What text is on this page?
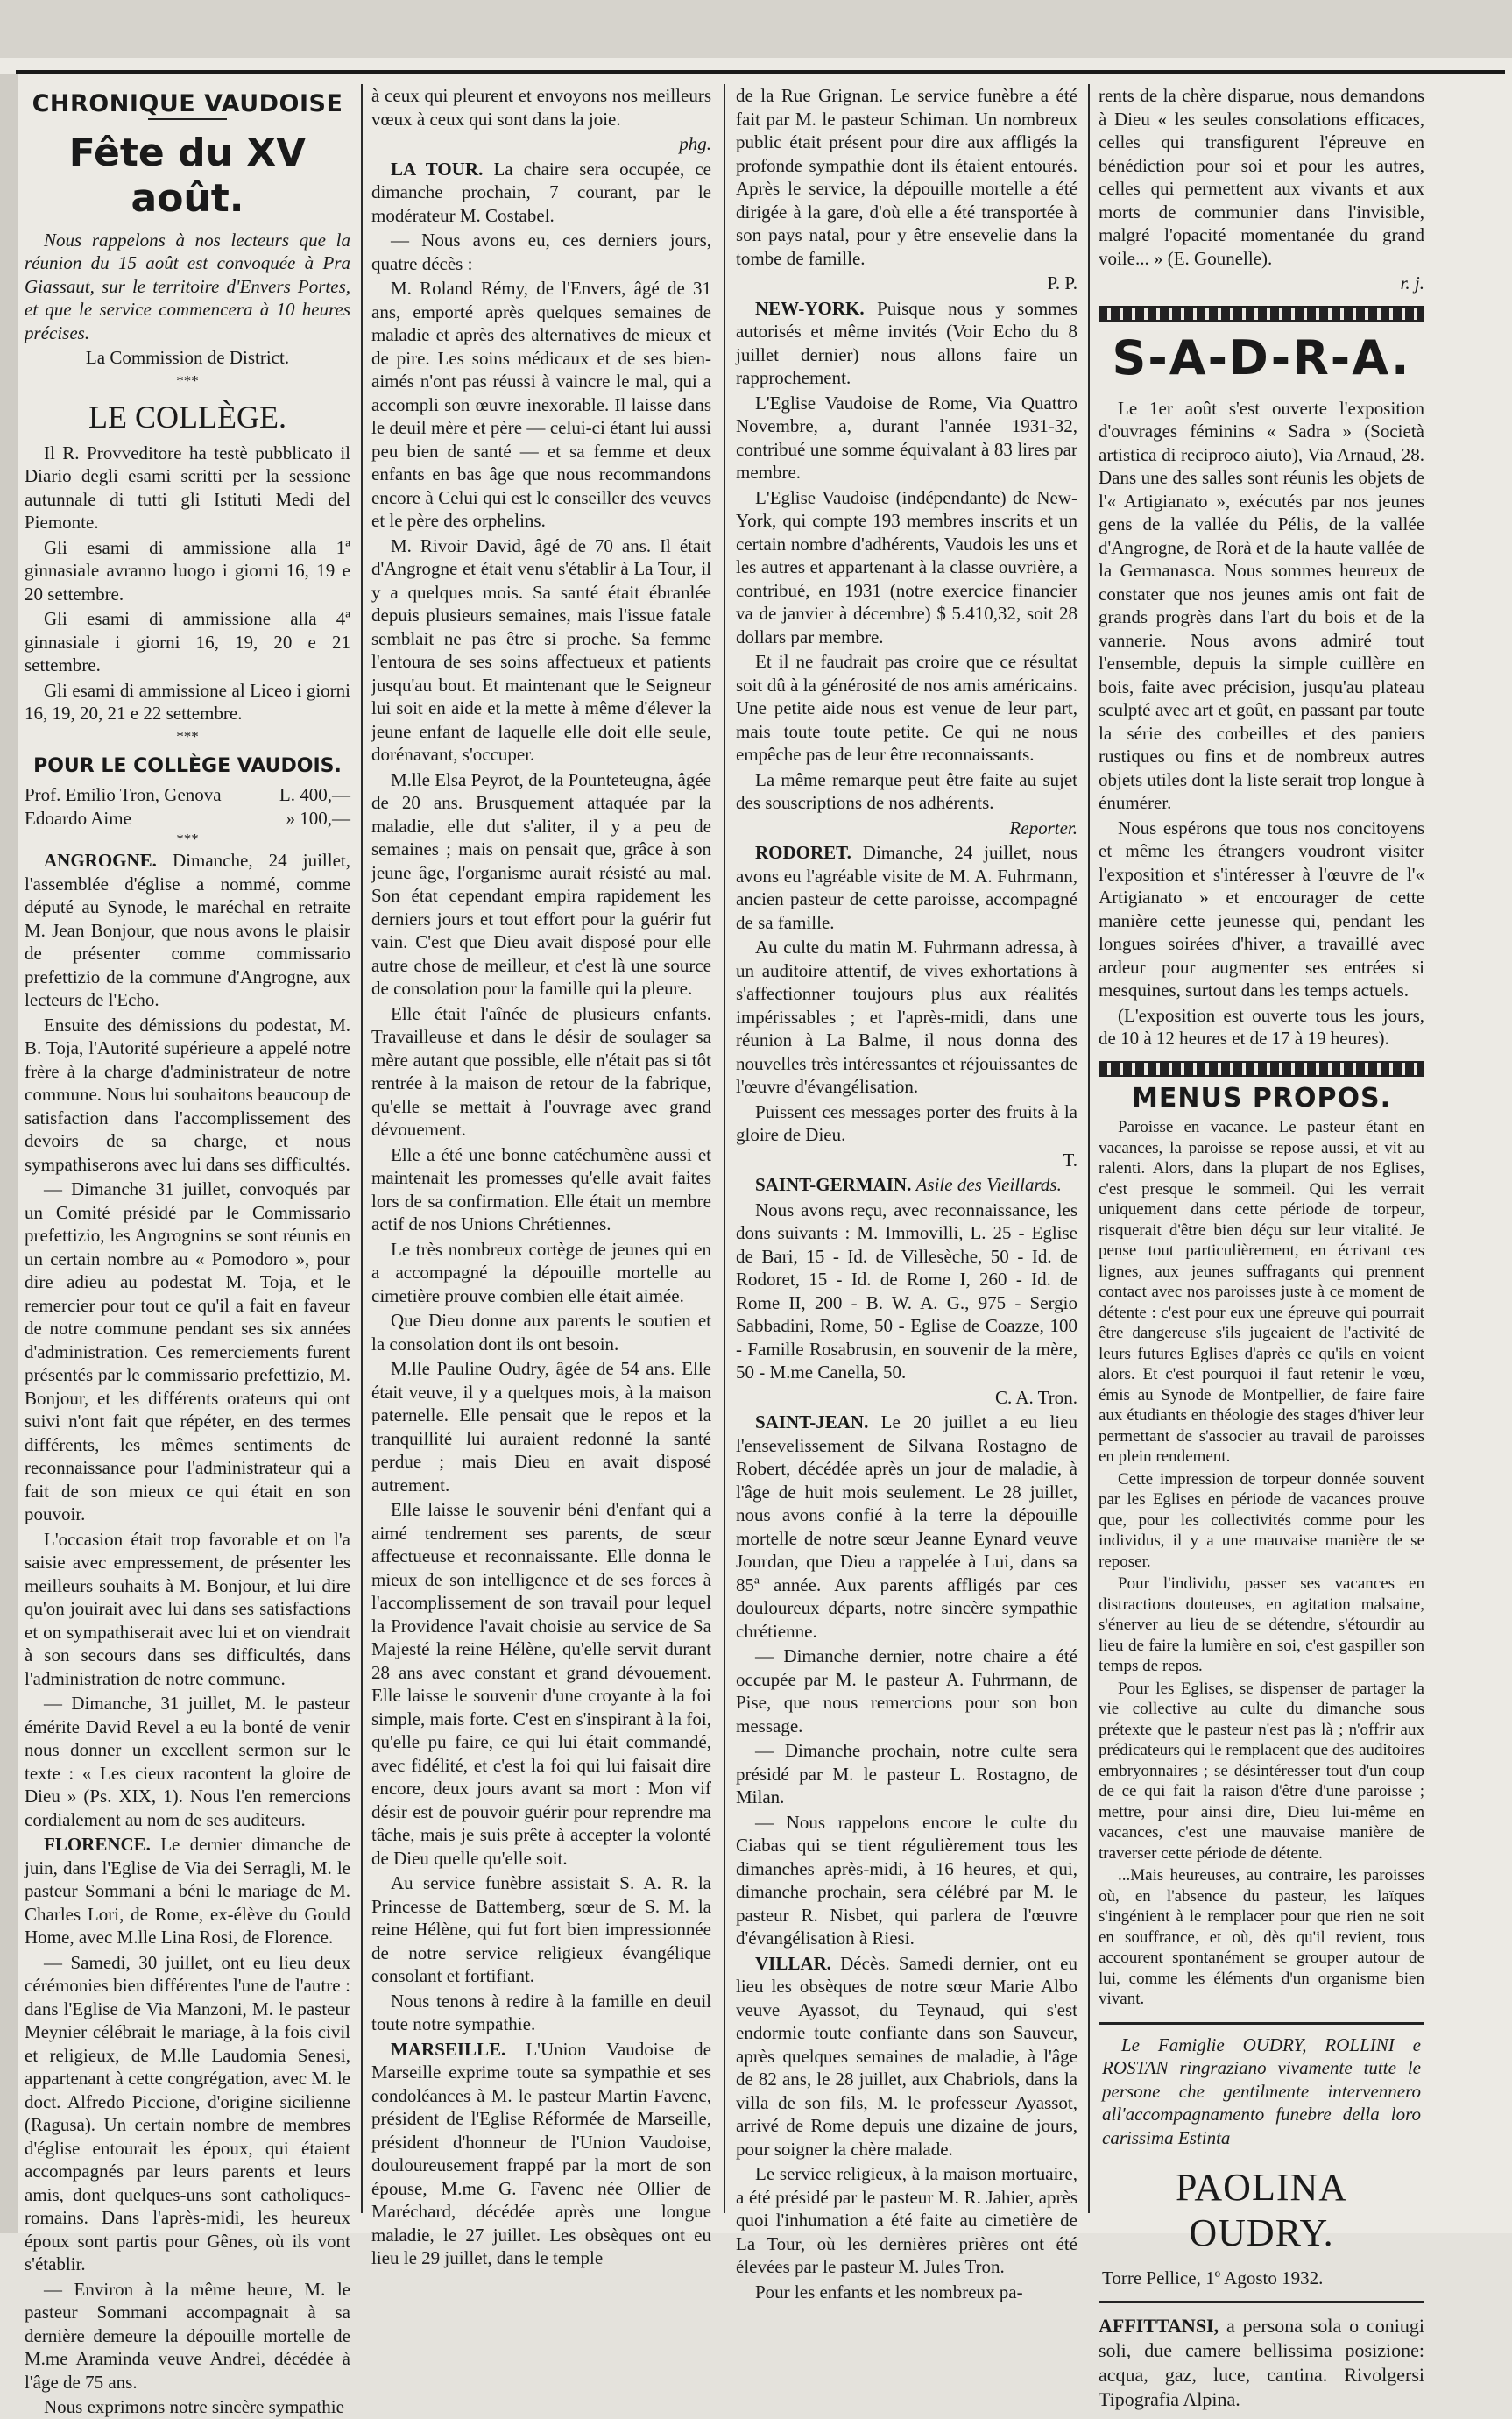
CHRONIQUE VAUDOISE
Fête du XV août.

Nous rappelons à nos lecteurs que la réunion du 15 août est convoquée à Pra Giassaut, sur le territoire d'Envers Portes, et que le service commencera à 10 heures précises.

La Commission de District.

***
LE COLLÈGE.

Il R. Provveditore ha testè pubblicato il Diario degli esami scritti per la sessione autunnale di tutti gli Istituti Medi del Piemonte.

Gli esami di ammissione alla 1ª ginnasiale avranno luogo i giorni 16, 19 e 20 settembre.

Gli esami di ammissione alla 4ª ginnasiale i giorni 16, 19, 20 e 21 settembre.

Gli esami di ammissione al Liceo i giorni 16, 19, 20, 21 e 22 settembre.

***
POUR LE COLLÈGE VAUDOIS.
Prof. Emilio Tron, Genova	L. 400,—
Edoardo Aime	» 100,—
***

ANGROGNE. Dimanche, 24 juillet, l'assemblée d'église a nommé, comme député au Synode, le maréchal en retraite M. Jean Bonjour, que nous avons le plaisir de présenter comme commissario prefettizio de la commune d'Angrogne, aux lecteurs de l'Echo.

Ensuite des démissions du podestat, M. B. Toja, l'Autorité supérieure a appelé notre frère à la charge d'administrateur de notre commune. Nous lui souhaitons beaucoup de satisfaction dans l'accomplissement des devoirs de sa charge, et nous sympathiserons avec lui dans ses difficultés.

— Dimanche 31 juillet, convoqués par un Comité présidé par le Commissario prefettizio, les Angrognins se sont réunis en un certain nombre au « Pomodoro », pour dire adieu au podestat M. Toja, et le remercier pour tout ce qu'il a fait en faveur de notre commune pendant ses six années d'administration. Ces remerciements furent présentés par le commissario prefettizio, M. Bonjour, et les différents orateurs qui ont suivi n'ont fait que répéter, en des termes différents, les mêmes sentiments de reconnaissance pour l'administrateur qui a fait de son mieux ce qui était en son pouvoir.

L'occasion était trop favorable et on l'a saisie avec empressement, de présenter les meilleurs souhaits à M. Bonjour, et lui dire qu'on jouirait avec lui dans ses satisfactions et on sympathiserait avec lui et on viendrait à son secours dans ses difficultés, dans l'administration de notre commune.

— Dimanche, 31 juillet, M. le pasteur émérite David Revel a eu la bonté de venir nous donner un excellent sermon sur le texte : « Les cieux racontent la gloire de Dieu » (Ps. XIX, 1). Nous l'en remercions cordialement au nom de ses auditeurs.

FLORENCE. Le dernier dimanche de juin, dans l'Eglise de Via dei Serragli, M. le pasteur Sommani a béni le mariage de M. Charles Lori, de Rome, ex-élève du Gould Home, avec M.lle Lina Rosi, de Florence.

— Samedi, 30 juillet, ont eu lieu deux cérémonies bien différentes l'une de l'autre : dans l'Eglise de Via Manzoni, M. le pasteur Meynier célébrait le mariage, à la fois civil et religieux, de M.lle Laudomia Senesi, appartenant à cette congrégation, avec M. le doct. Alfredo Piccione, d'origine sicilienne (Ragusa). Un certain nombre de membres d'église entourait les époux, qui étaient accompagnés par leurs parents et leurs amis, dont quelques-uns sont catholiques-romains. Dans l'après-midi, les heureux époux sont partis pour Gênes, où ils vont s'établir.

— Environ à la même heure, M. le pasteur Sommani accompagnait à sa dernière demeure la dépouille mortelle de M.me Araminda veuve Andrei, décédée à l'âge de 75 ans.

Nous exprimons notre sincère sympathie

à ceux qui pleurent et envoyons nos meilleurs vœux à ceux qui sont dans la joie.

phg.

LA TOUR. La chaire sera occupée, ce dimanche prochain, 7 courant, par le modérateur M. Costabel.

— Nous avons eu, ces derniers jours, quatre décès :

M. Roland Rémy, de l'Envers, âgé de 31 ans, emporté après quelques semaines de maladie et après des alternatives de mieux et de pire. Les soins médicaux et de ses bien-aimés n'ont pas réussi à vaincre le mal, qui a accompli son œuvre inexorable. Il laisse dans le deuil mère et père — celui-ci étant lui aussi peu bien de santé — et sa femme et deux enfants en bas âge que nous recommandons encore à Celui qui est le conseiller des veuves et le père des orphelins.

M. Rivoir David, âgé de 70 ans. Il était d'Angrogne et était venu s'établir à La Tour, il y a quelques mois. Sa santé était ébranlée depuis plusieurs semaines, mais l'issue fatale semblait ne pas être si proche. Sa femme l'entoura de ses soins affectueux et patients jusqu'au bout. Et maintenant que le Seigneur lui soit en aide et la mette à même d'élever la jeune enfant de laquelle elle doit elle seule, dorénavant, s'occuper.

M.lle Elsa Peyrot, de la Pounteteugna, âgée de 20 ans. Brusquement attaquée par la maladie, elle dut s'aliter, il y a peu de semaines ; mais on pensait que, grâce à son jeune âge, l'organisme aurait résisté au mal. Son état cependant empira rapidement les derniers jours et tout effort pour la guérir fut vain. C'est que Dieu avait disposé pour elle autre chose de meilleur, et c'est là une source de consolation pour la famille qui la pleure.

Elle était l'aînée de plusieurs enfants. Travailleuse et dans le désir de soulager sa mère autant que possible, elle n'était pas si tôt rentrée à la maison de retour de la fabrique, qu'elle se mettait à l'ouvrage avec grand dévouement.

Elle a été une bonne catéchumène aussi et maintenait les promesses qu'elle avait faites lors de sa confirmation. Elle était un membre actif de nos Unions Chrétiennes.

Le très nombreux cortège de jeunes qui en a accompagné la dépouille mortelle au cimetière prouve combien elle était aimée.

Que Dieu donne aux parents le soutien et la consolation dont ils ont besoin.

M.lle Pauline Oudry, âgée de 54 ans. Elle était veuve, il y a quelques mois, à la maison paternelle. Elle pensait que le repos et la tranquillité lui auraient redonné la santé perdue ; mais Dieu en avait disposé autrement.

Elle laisse le souvenir béni d'enfant qui a aimé tendrement ses parents, de sœur affectueuse et reconnaissante. Elle donna le mieux de son intelligence et de ses forces à l'accomplissement de son travail pour lequel la Providence l'avait choisie au service de Sa Majesté la reine Hélène, qu'elle servit durant 28 ans avec constant et grand dévouement. Elle laisse le souvenir d'une croyante à la foi simple, mais forte. C'est en s'inspirant à la foi, qu'elle pu faire, ce qui lui était commandé, avec fidélité, et c'est la foi qui lui faisait dire encore, deux jours avant sa mort : Mon vif désir est de pouvoir guérir pour reprendre ma tâche, mais je suis prête à accepter la volonté de Dieu quelle qu'elle soit.

Au service funèbre assistait S. A. R. la Princesse de Battemberg, sœur de S. M. la reine Hélène, qui fut fort bien impressionnée de notre service religieux évangélique consolant et fortifiant.

Nous tenons à redire à la famille en deuil toute notre sympathie.

MARSEILLE. L'Union Vaudoise de Marseille exprime toute sa sympathie et ses condoléances à M. le pasteur Martin Favenc, président de l'Eglise Réformée de Marseille, président d'honneur de l'Union Vaudoise, douloureusement frappé par la mort de son épouse, M.me G. Favenc née Ollier de Maréchard, décédée après une longue maladie, le 27 juillet. Les obsèques ont eu lieu le 29 juillet, dans le temple

de la Rue Grignan. Le service funèbre a été fait par M. le pasteur Schiman. Un nombreux public était présent pour dire aux affligés la profonde sympathie dont ils étaient entourés. Après le service, la dépouille mortelle a été dirigée à la gare, d'où elle a été transportée à son pays natal, pour y être ensevelie dans la tombe de famille.

P. P.

NEW-YORK. Puisque nous y sommes autorisés et même invités (Voir Echo du 8 juillet dernier) nous allons faire un rapprochement.

L'Eglise Vaudoise de Rome, Via Quattro Novembre, a, durant l'année 1931-32, contribué une somme équivalant à 83 lires par membre.

L'Eglise Vaudoise (indépendante) de New-York, qui compte 193 membres inscrits et un certain nombre d'adhérents, Vaudois les uns et les autres et appartenant à la classe ouvrière, a contribué, en 1931 (notre exercice financier va de janvier à décembre) $ 5.410,32, soit 28 dollars par membre.

Et il ne faudrait pas croire que ce résultat soit dû à la générosité de nos amis américains. Une petite aide nous est venue de leur part, mais toute toute petite. Ce qui ne nous empêche pas de leur être reconnaissants.

La même remarque peut être faite au sujet des souscriptions de nos adhérents.

Reporter.

RODORET. Dimanche, 24 juillet, nous avons eu l'agréable visite de M. A. Fuhrmann, ancien pasteur de cette paroisse, accompagné de sa famille.

Au culte du matin M. Fuhrmann adressa, à un auditoire attentif, de vives exhortations à s'affectionner toujours plus aux réalités impérissables ; et l'après-midi, dans une réunion à La Balme, il nous donna des nouvelles très intéressantes et réjouissantes de l'œuvre d'évangélisation.

Puissent ces messages porter des fruits à la gloire de Dieu.

T.

SAINT-GERMAIN. Asile des Vieillards.

Nous avons reçu, avec reconnaissance, les dons suivants : M. Immovilli, L. 25 - Eglise de Bari, 15 - Id. de Villesèche, 50 - Id. de Rodoret, 15 - Id. de Rome I, 260 - Id. de Rome II, 200 - B. W. A. G., 975 - Sergio Sabbadini, Rome, 50 - Eglise de Coazze, 100 - Famille Rosabrusin, en souvenir de la mère, 50 - M.me Canella, 50.

C. A. Tron.

SAINT-JEAN. Le 20 juillet a eu lieu l'ensevelissement de Silvana Rostagno de Robert, décédée après un jour de maladie, à l'âge de huit mois seulement. Le 28 juillet, nous avons confié à la terre la dépouille mortelle de notre sœur Jeanne Eynard veuve Jourdan, que Dieu a rappelée à Lui, dans sa 85ª année. Aux parents affligés par ces douloureux départs, notre sincère sympathie chrétienne.

— Dimanche dernier, notre chaire a été occupée par M. le pasteur A. Fuhrmann, de Pise, que nous remercions pour son bon message.

— Dimanche prochain, notre culte sera présidé par M. le pasteur L. Rostagno, de Milan.

— Nous rappelons encore le culte du Ciabas qui se tient régulièrement tous les dimanches après-midi, à 16 heures, et qui, dimanche prochain, sera célébré par M. le pasteur R. Nisbet, qui parlera de l'œuvre d'évangélisation à Riesi.

VILLAR. Décès. Samedi dernier, ont eu lieu les obsèques de notre sœur Marie Albo veuve Ayassot, du Teynaud, qui s'est endormie toute confiante dans son Sauveur, après quelques semaines de maladie, à l'âge de 82 ans, le 28 juillet, aux Chabriols, dans la villa de son fils, M. le professeur Ayassot, arrivé de Rome depuis une dizaine de jours, pour soigner la chère malade.

Le service religieux, à la maison mortuaire, a été présidé par le pasteur M. R. Jahier, après quoi l'inhumation a été faite au cimetière de La Tour, où les dernières prières ont été élevées par le pasteur M. Jules Tron.

Pour les enfants et les nombreux pa-

rents de la chère disparue, nous demandons à Dieu « les seules consolations efficaces, celles qui transfigurent l'épreuve en bénédiction pour soi et pour les autres, celles qui permettent aux vivants et aux morts de communier dans l'invisible, malgré l'opacité momentanée du grand voile... » (E. Gounelle).

r. j.

S-A-D-R-A.

Le 1er août s'est ouverte l'exposition d'ouvrages féminins « Sadra » (Società artistica di reciproco aiuto), Via Arnaud, 28. Dans une des salles sont réunis les objets de l'« Artigianato », exécutés par nos jeunes gens de la vallée du Pélis, de la vallée d'Angrogne, de Rorà et de la haute vallée de la Germanasca. Nous sommes heureux de constater que nos jeunes amis ont fait de grands progrès dans l'art du bois et de la vannerie. Nous avons admiré tout l'ensemble, depuis la simple cuillère en bois, faite avec précision, jusqu'au plateau sculpté avec art et goût, en passant par toute la série des corbeilles et des paniers rustiques ou fins et de nombreux autres objets utiles dont la liste serait trop longue à énumérer.

Nous espérons que tous nos concitoyens et même les étrangers voudront visiter l'exposition et s'intéresser à l'œuvre de l'« Artigianato » et encourager de cette manière cette jeunesse qui, pendant les longues soirées d'hiver, a travaillé avec ardeur pour augmenter ses entrées si mesquines, surtout dans les temps actuels.

(L'exposition est ouverte tous les jours, de 10 à 12 heures et de 17 à 19 heures).

MENUS PROPOS.

Paroisse en vacance. Le pasteur étant en vacances, la paroisse se repose aussi, et vit au ralenti. Alors, dans la plupart de nos Eglises, c'est presque le sommeil. Qui les verrait uniquement dans cette période de torpeur, risquerait d'être bien déçu sur leur vitalité. Je pense tout particulièrement, en écrivant ces lignes, aux jeunes suffragants qui prennent contact avec nos paroisses juste à ce moment de détente : c'est pour eux une épreuve qui pourrait être dangereuse s'ils jugeaient de l'activité de leurs futures Eglises d'après ce qu'ils en voient alors. Et c'est pourquoi il faut retenir le vœu, émis au Synode de Montpellier, de faire faire aux étudiants en théologie des stages d'hiver leur permettant de s'associer au travail de paroisses en plein rendement.

Cette impression de torpeur donnée souvent par les Eglises en période de vacances prouve que, pour les collectivités comme pour les individus, il y a une mauvaise manière de se reposer.

Pour l'individu, passer ses vacances en distractions douteuses, en agitation malsaine, s'énerver au lieu de se détendre, s'étourdir au lieu de faire la lumière en soi, c'est gaspiller son temps de repos.

Pour les Eglises, se dispenser de partager la vie collective au culte du dimanche sous prétexte que le pasteur n'est pas là ; n'offrir aux prédicateurs qui le remplacent que des auditoires embryonnaires ; se désintéresser tout d'un coup de ce qui fait la raison d'être d'une paroisse ; mettre, pour ainsi dire, Dieu lui-même en vacances, c'est une mauvaise manière de traverser cette période de détente.

...Mais heureuses, au contraire, les paroisses où, en l'absence du pasteur, les laïques s'ingénient à le remplacer pour que rien ne soit en souffrance, et où, dès qu'il revient, tous accourent spontanément se grouper autour de lui, comme les éléments d'un organisme bien vivant.

Le Famiglie OUDRY, ROLLINI e ROSTAN ringraziano vivamente tutte le persone che gentilmente intervennero all'accompagnamento funebre della loro carissima Estinta

PAOLINA OUDRY.

Torre Pellice, 1º Agosto 1932.

AFFITTANSI, a persona sola o coniugi soli, due camere bellissima posizione: acqua, gaz, luce, cantina. Rivolgersi Tipografia Alpina.
